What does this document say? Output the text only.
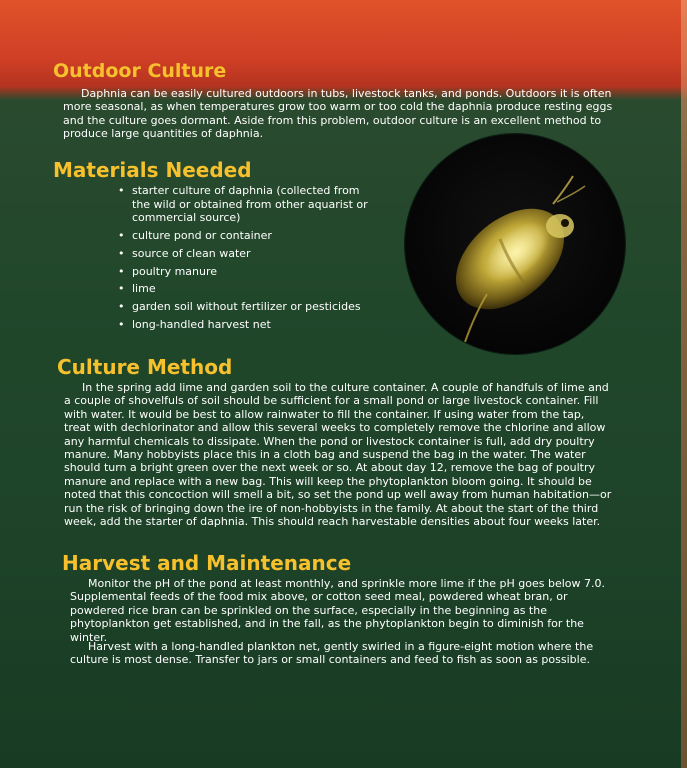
Outdoor Culture

Daphnia can be easily cultured outdoors in tubs, livestock tanks, and ponds. Outdoors it is often more seasonal, as when temperatures grow too warm or too cold the daphnia produce resting eggs and the culture goes dormant. Aside from this problem, outdoor culture is an excellent method to produce large quantities of daphnia.

Materials Needed
• starter culture of daphnia (collected from the wild or obtained from other aquarist or commercial source)
• culture pond or container
• source of clean water
• poultry manure
• lime
• garden soil without fertilizer or pesticides
• long-handled harvest net
Culture Method

In the spring add lime and garden soil to the culture container. A couple of handfuls of lime and a couple of shovelfuls of soil should be sufficient for a small pond or large livestock container. Fill with water. It would be best to allow rainwater to fill the container. If using water from the tap, treat with dechlorinator and allow this several weeks to completely remove the chlorine and allow any harmful chemicals to dissipate. When the pond or livestock container is full, add dry poultry manure. Many hobbyists place this in a cloth bag and suspend the bag in the water. The water should turn a bright green over the next week or so. At about day 12, remove the bag of poultry manure and replace with a new bag. This will keep the phytoplankton bloom going. It should be noted that this concoction will smell a bit, so set the pond up well away from human habitation—or run the risk of bringing down the ire of non-hobbyists in the family. At about the start of the third week, add the starter of daphnia. This should reach harvestable densities about four weeks later.

Harvest and Maintenance

Monitor the pH of the pond at least monthly, and sprinkle more lime if the pH goes below 7.0. Supplemental feeds of the food mix above, or cotton seed meal, powdered wheat bran, or powdered rice bran can be sprinkled on the surface, especially in the beginning as the phytoplankton get established, and in the fall, as the phytoplankton begin to diminish for the winter.

Harvest with a long-handled plankton net, gently swirled in a figure-eight motion where the culture is most dense. Transfer to jars or small containers and feed to fish as soon as possible.
